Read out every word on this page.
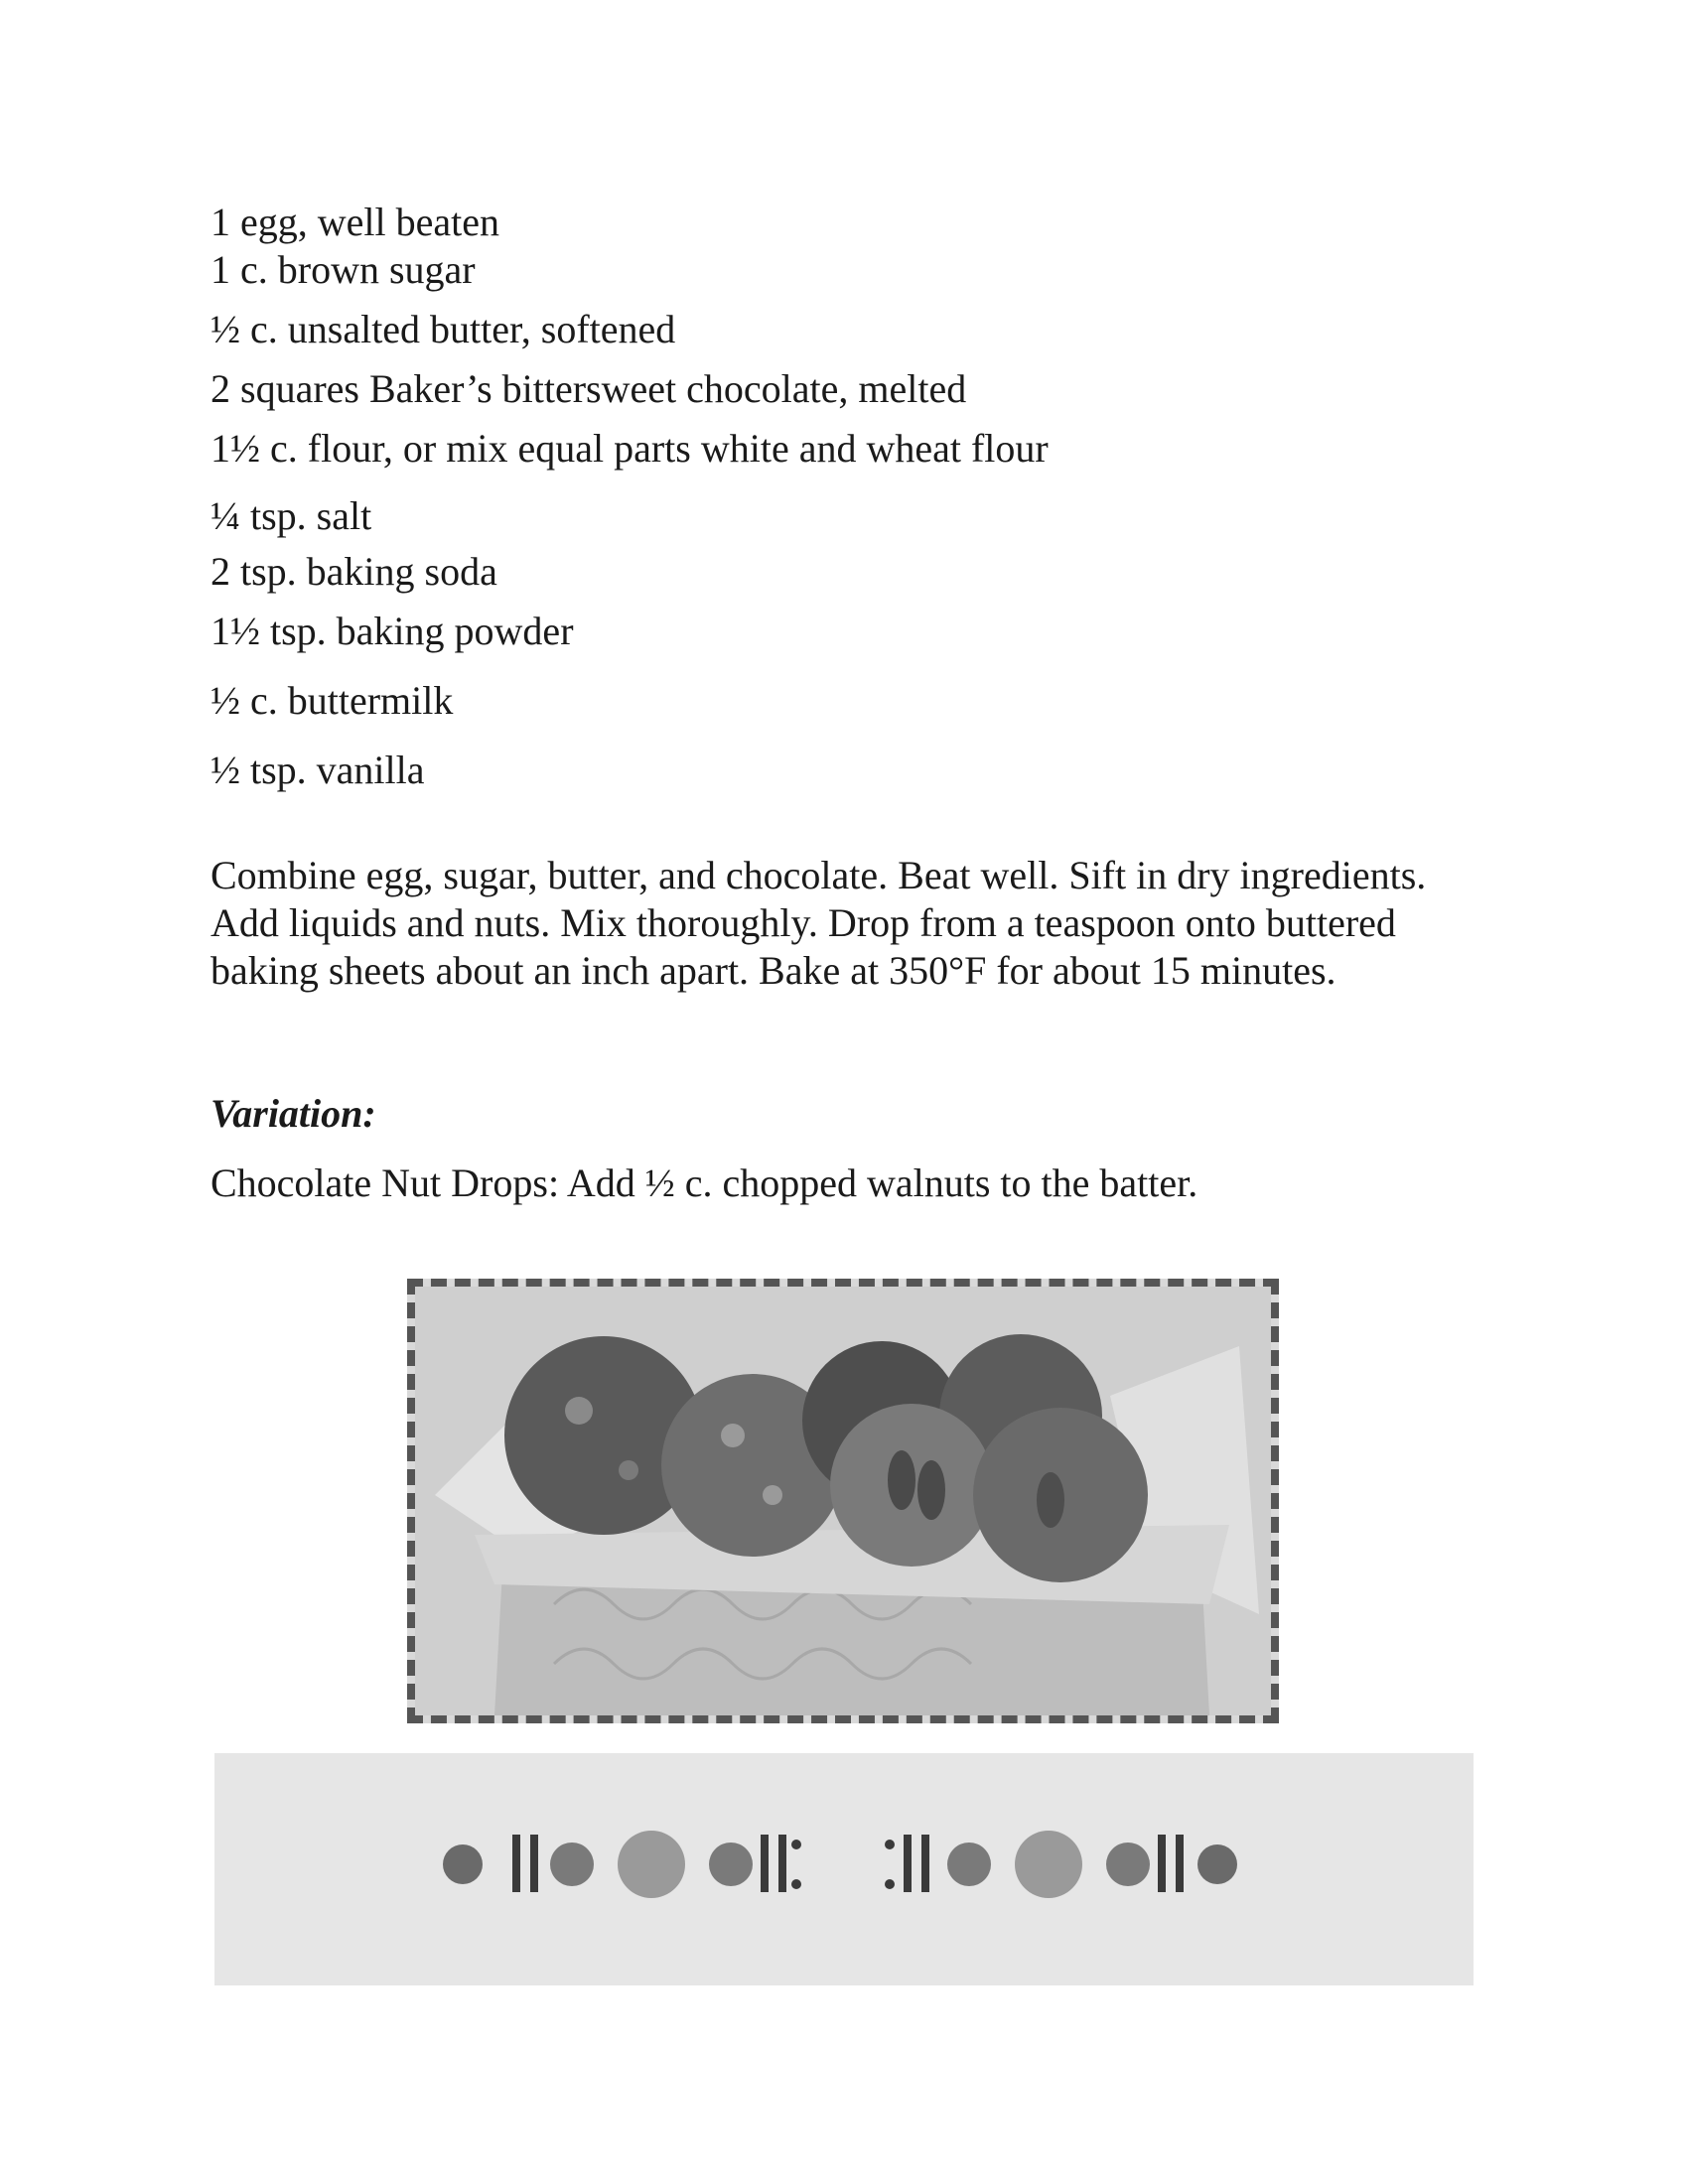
1 egg, well beaten
1 c. brown sugar
½ c. unsalted butter, softened
2 squares Baker’s bittersweet chocolate, melted
1½ c. flour, or mix equal parts white and wheat flour
¼ tsp. salt
2 tsp. baking soda
1½ tsp. baking powder
½ c. buttermilk
½ tsp. vanilla

Combine egg, sugar, butter, and chocolate. Beat well. Sift in dry ingredients. Add liquids and nuts. Mix thoroughly. Drop from a teaspoon onto buttered baking sheets about an inch apart. Bake at 350°F for about 15 minutes.

Variation:
Chocolate Nut Drops: Add ½ c. chopped walnuts to the batter.
